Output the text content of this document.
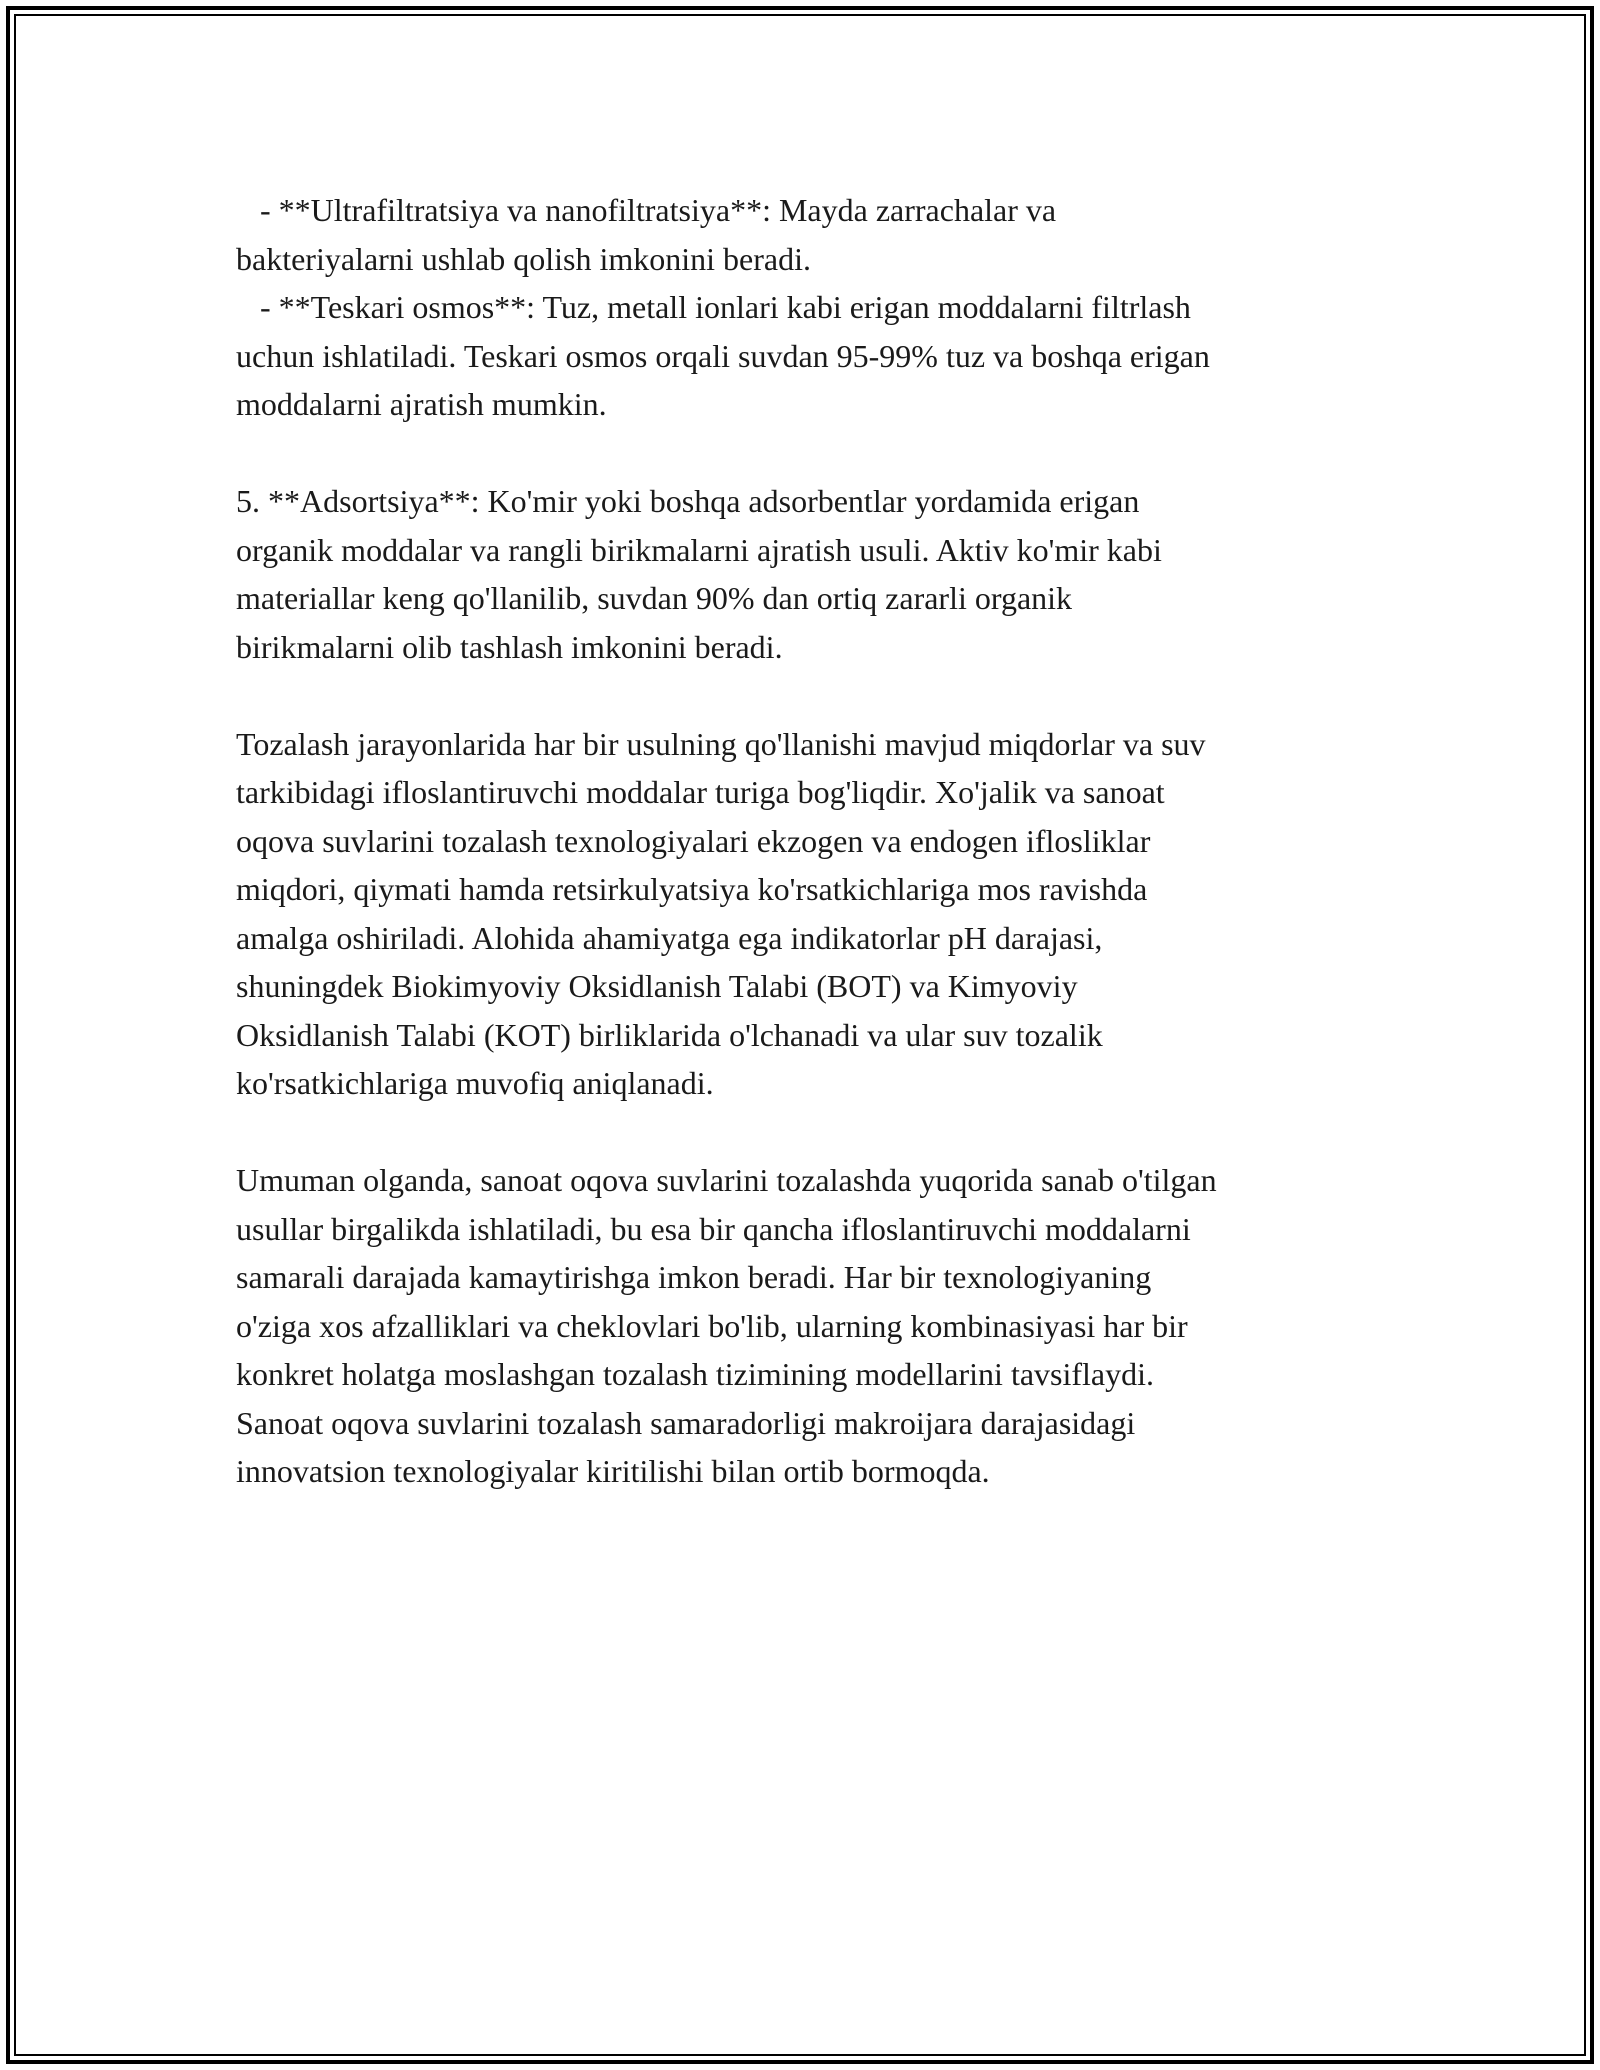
- **Ultrafiltratsiya va nanofiltratsiya**: Mayda zarrachalar va
bakteriyalarni ushlab qolish imkonini beradi.
- **Teskari osmos**: Tuz, metall ionlari kabi erigan moddalarni filtrlash
uchun ishlatiladi. Teskari osmos orqali suvdan 95-99% tuz va boshqa erigan
moddalarni ajratish mumkin.
5. **Adsortsiya**: Ko'mir yoki boshqa adsorbentlar yordamida erigan
organik moddalar va rangli birikmalarni ajratish usuli. Aktiv ko'mir kabi
materiallar keng qo'llanilib, suvdan 90% dan ortiq zararli organik
birikmalarni olib tashlash imkonini beradi.
Tozalash jarayonlarida har bir usulning qo'llanishi mavjud miqdorlar va suv
tarkibidagi ifloslantiruvchi moddalar turiga bog'liqdir. Xo'jalik va sanoat
oqova suvlarini tozalash texnologiyalari ekzogen va endogen iflosliklar
miqdori, qiymati hamda retsirkulyatsiya ko'rsatkichlariga mos ravishda
amalga oshiriladi. Alohida ahamiyatga ega indikatorlar pH darajasi,
shuningdek Biokimyoviy Oksidlanish Talabi (BOT) va Kimyoviy
Oksidlanish Talabi (KOT) birliklarida o'lchanadi va ular suv tozalik
ko'rsatkichlariga muvofiq aniqlanadi.
Umuman olganda, sanoat oqova suvlarini tozalashda yuqorida sanab o'tilgan
usullar birgalikda ishlatiladi, bu esa bir qancha ifloslantiruvchi moddalarni
samarali darajada kamaytirishga imkon beradi. Har bir texnologiyaning
o'ziga xos afzalliklari va cheklovlari bo'lib, ularning kombinasiyasi har bir
konkret holatga moslashgan tozalash tizimining modellarini tavsiflaydi.
Sanoat oqova suvlarini tozalash samaradorligi makroijara darajasidagi
innovatsion texnologiyalar kiritilishi bilan ortib bormoqda.
